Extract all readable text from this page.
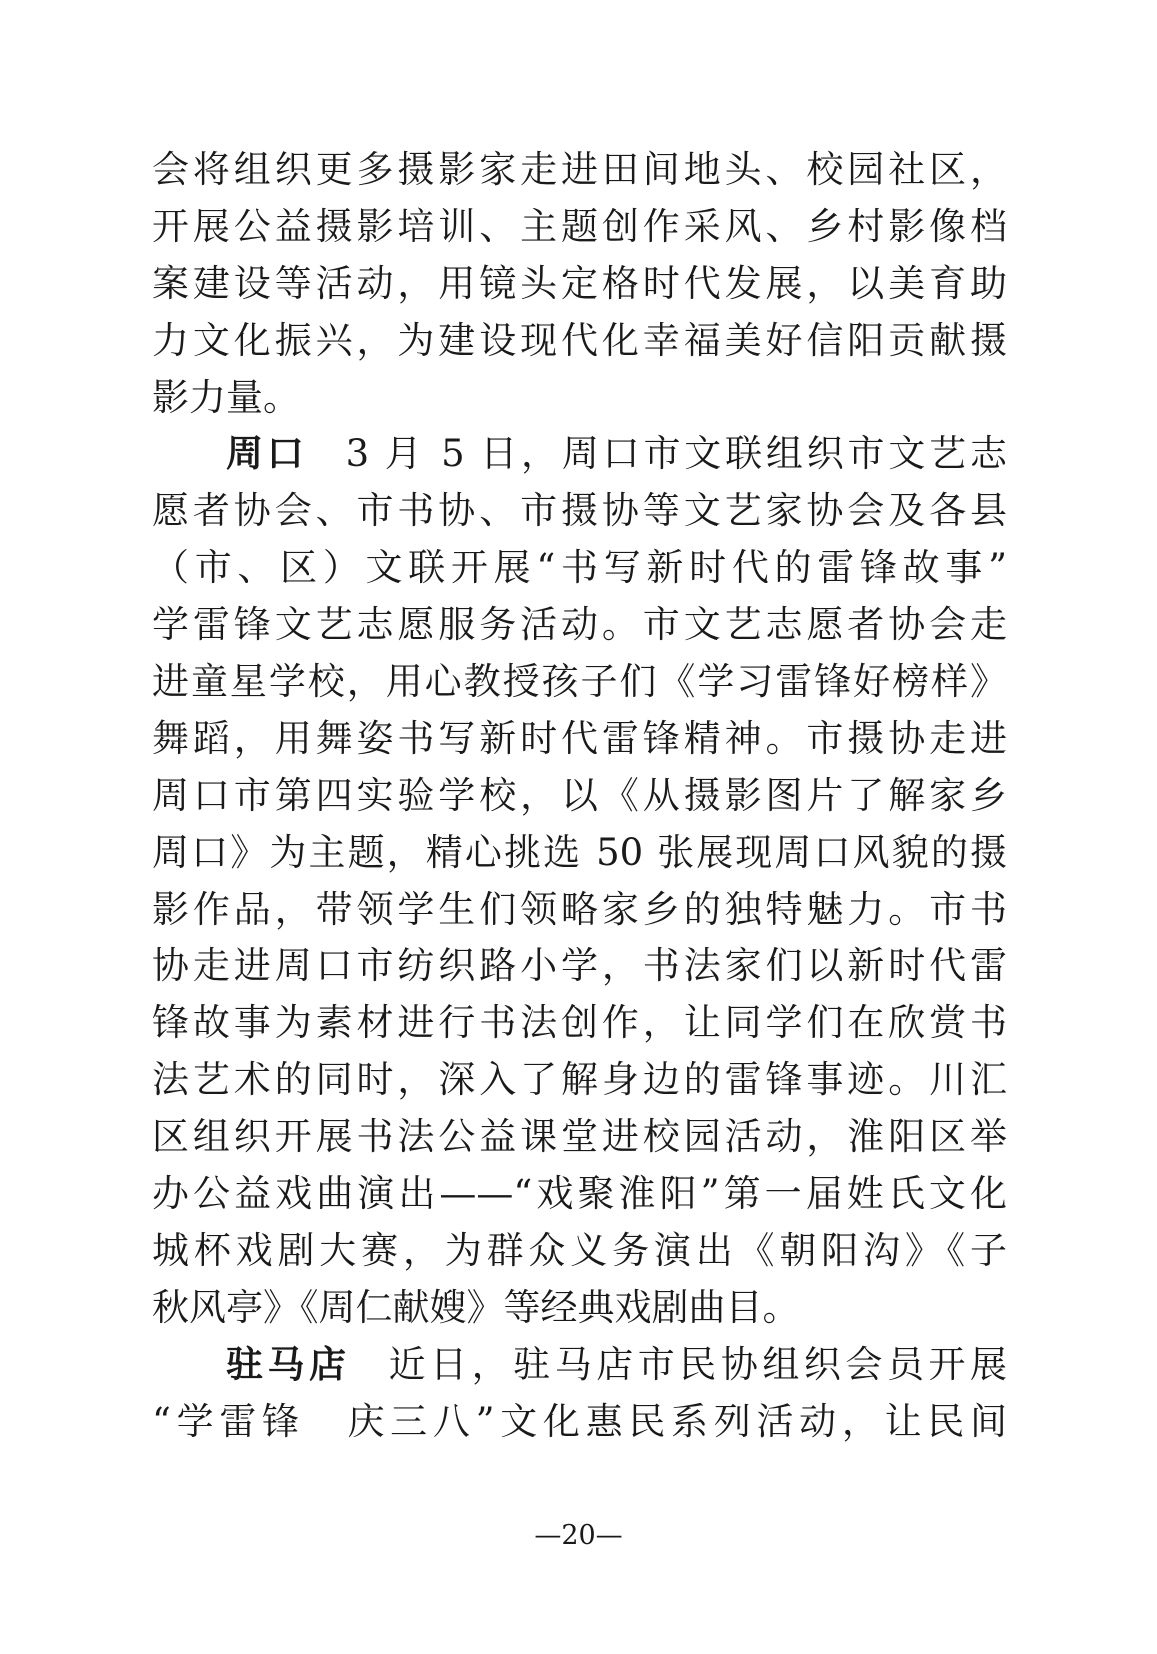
会将组织更多摄影家走进田间地头、校园社区，
开展公益摄影培训、主题创作采风、乡村影像档
案建设等活动，用镜头定格时代发展，以美育助
力文化振兴，为建设现代化幸福美好信阳贡献摄
影力量。
周口 3 月 5 日，周口市文联组织市文艺志
愿者协会、市书协、市摄协等文艺家协会及各县
（市、区）文联开展“书写新时代的雷锋故事”
学雷锋文艺志愿服务活动。市文艺志愿者协会走
进童星学校，用心教授孩子们《学习雷锋好榜样》
舞蹈，用舞姿书写新时代雷锋精神。市摄协走进
周口市第四实验学校，以《从摄影图片了解家乡
周口》为主题，精心挑选 50 张展现周口风貌的摄
影作品，带领学生们领略家乡的独特魅力。市书
协走进周口市纺织路小学，书法家们以新时代雷
锋故事为素材进行书法创作，让同学们在欣赏书
法艺术的同时，深入了解身边的雷锋事迹。川汇
区组织开展书法公益课堂进校园活动，淮阳区举
办公益戏曲演出——“戏聚淮阳”第一届姓氏文化
城杯戏剧大赛，为群众义务演出《朝阳沟》《子
秋风亭》《周仁献嫂》等经典戏剧曲目。
驻马店 近日，驻马店市民协组织会员开展
“学雷锋　庆三八”文化惠民系列活动，让民间
—20—
